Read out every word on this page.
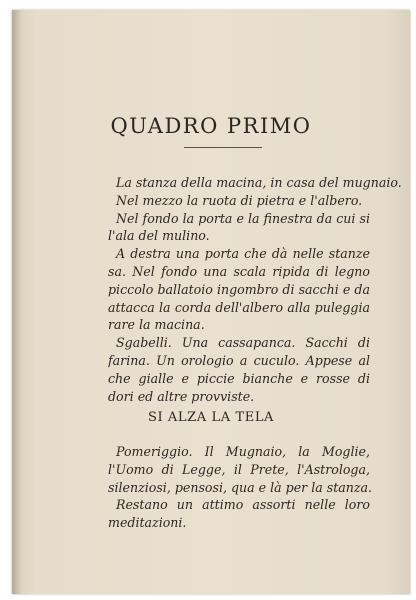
QUADRO PRIMO
La stanza della macina, in casa del mugnaio.
Nel mezzo la ruota di pietra e l'albero.
Nel fondo la porta e la finestra da cui si
l'ala del mulino.
A destra una porta che dà nelle stanze
sa. Nel fondo una scala ripida di legno
piccolo ballatoio ingombro di sacchi e da
attacca la corda dell'albero alla puleggia
rare la macina.
Sgabelli. Una cassapanca. Sacchi di
farina. Un orologio a cuculo. Appese al
che gialle e piccie bianche e rosse di
dori ed altre provviste.
SI ALZA LA TELA
Pomeriggio. Il Mugnaio, la Moglie,
l'Uomo di Legge, il Prete, l'Astrologa,
silenziosi, pensosi, qua e là per la stanza.
Restano un attimo assorti nelle loro
meditazioni.
